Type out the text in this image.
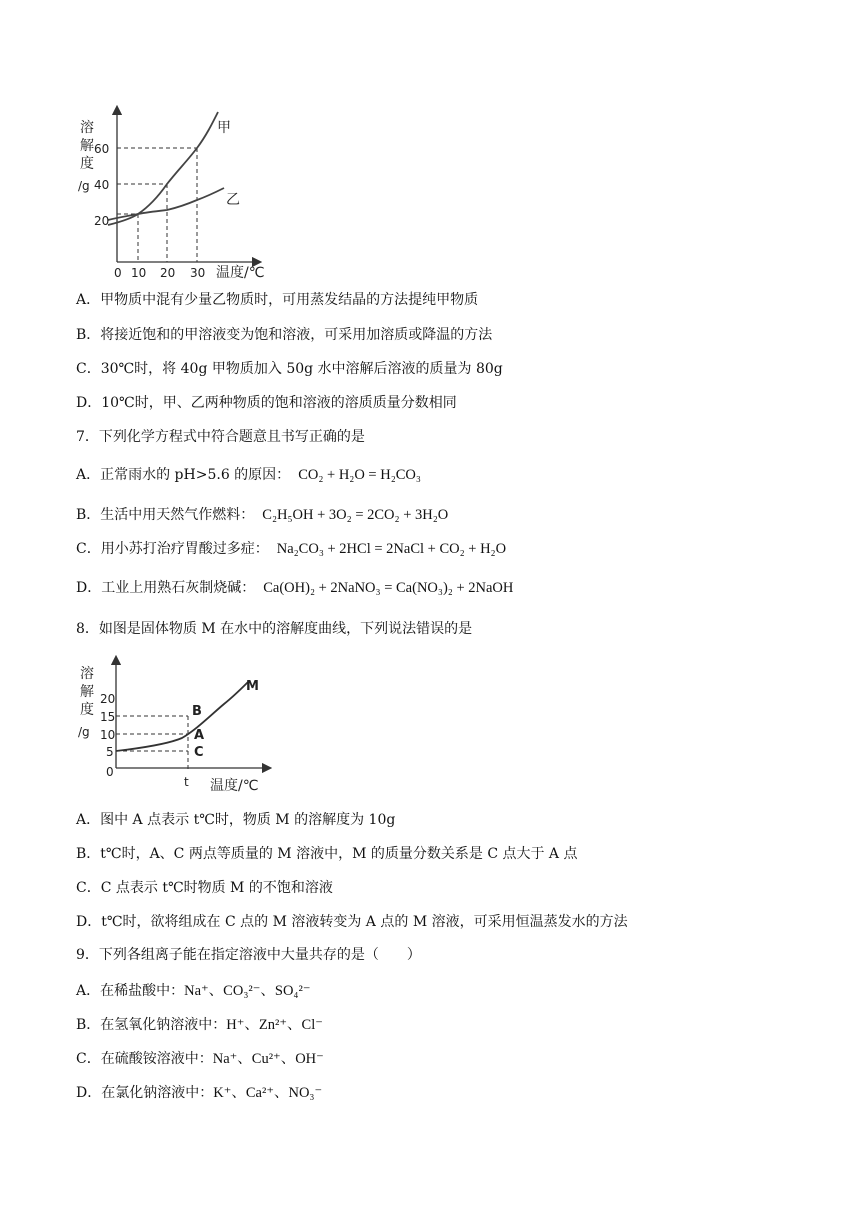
溶
解
度
/g
20
40
60
0 10 20 30 温度/℃
甲
乙
A．甲物质中混有少量乙物质时，可用蒸发结晶的方法提纯甲物质
B．将接近饱和的甲溶液变为饱和溶液，可采用加溶质或降温的方法
C．30℃时，将 40g 甲物质加入 50g 水中溶解后溶液的质量为 80g
D．10℃时，甲、乙两种物质的饱和溶液的溶质质量分数相同
7．下列化学方程式中符合题意且书写正确的是
A．正常雨水的 pH>5.6 的原因： CO₂ + H₂O = H₂CO₃
B．生活中用天然气作燃料： C₂H₅OH + 3O₂ = 2CO₂ + 3H₂O
C．用小苏打治疗胃酸过多症： Na₂CO₃ + 2HCl = 2NaCl + CO₂ + H₂O
D．工业上用熟石灰制烧碱： Ca(OH)₂ + 2NaNO₃ = Ca(NO₃)₂ + 2NaOH
8．如图是固体物质 M 在水中的溶解度曲线，下列说法错误的是
溶
解
度
/g
0
5
10
15
20
t 温度/℃
M
B
A
C
A．图中 A 点表示 t℃时，物质 M 的溶解度为 10g
B．t℃时，A、C 两点等质量的 M 溶液中，M 的质量分数关系是 C 点大于 A 点
C．C 点表示 t℃时物质 M 的不饱和溶液
D．t℃时，欲将组成在 C 点的 M 溶液转变为 A 点的 M 溶液，可采用恒温蒸发水的方法
9．下列各组离子能在指定溶液中大量共存的是（　　）
A．在稀盐酸中：Na⁺、CO₃²⁻、SO₄²⁻
B．在氢氧化钠溶液中：H⁺、Zn²⁺、Cl⁻
C．在硫酸铵溶液中：Na⁺、Cu²⁺、OH⁻
D．在氯化钠溶液中：K⁺、Ca²⁺、NO₃⁻
